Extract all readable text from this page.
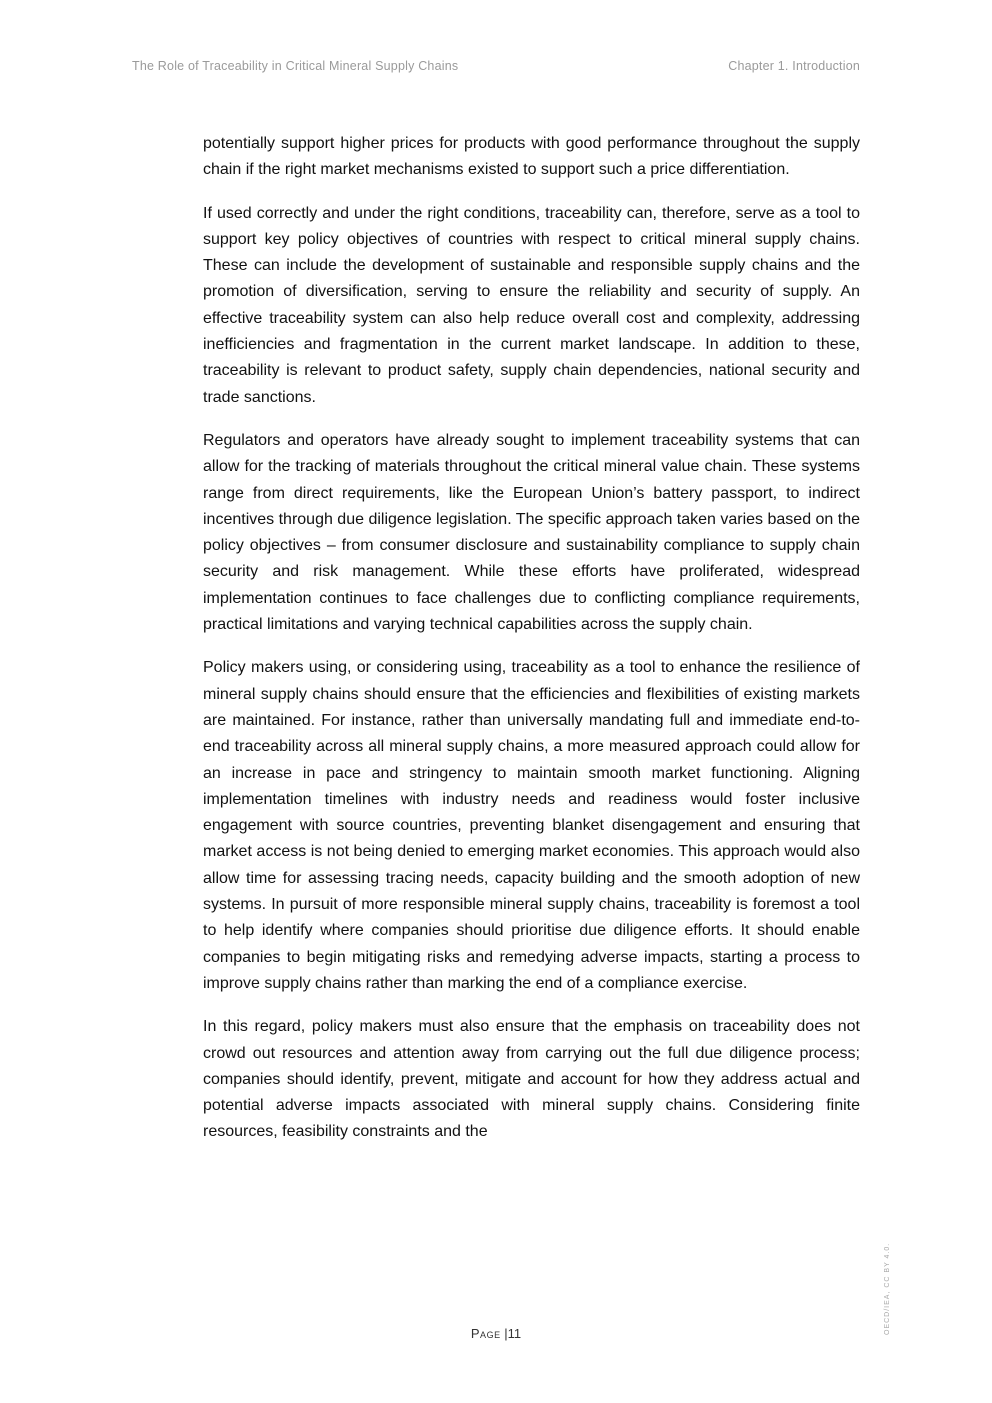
The Role of Traceability in Critical Mineral Supply Chains	Chapter 1. Introduction

potentially support higher prices for products with good performance throughout the supply chain if the right market mechanisms existed to support such a price differentiation.

If used correctly and under the right conditions, traceability can, therefore, serve as a tool to support key policy objectives of countries with respect to critical mineral supply chains. These can include the development of sustainable and responsible supply chains and the promotion of diversification, serving to ensure the reliability and security of supply. An effective traceability system can also help reduce overall cost and complexity, addressing inefficiencies and fragmentation in the current market landscape. In addition to these, traceability is relevant to product safety, supply chain dependencies, national security and trade sanctions.

Regulators and operators have already sought to implement traceability systems that can allow for the tracking of materials throughout the critical mineral value chain. These systems range from direct requirements, like the European Union’s battery passport, to indirect incentives through due diligence legislation. The specific approach taken varies based on the policy objectives – from consumer disclosure and sustainability compliance to supply chain security and risk management. While these efforts have proliferated, widespread implementation continues to face challenges due to conflicting compliance requirements, practical limitations and varying technical capabilities across the supply chain.

Policy makers using, or considering using, traceability as a tool to enhance the resilience of mineral supply chains should ensure that the efficiencies and flexibilities of existing markets are maintained. For instance, rather than universally mandating full and immediate end-to-end traceability across all mineral supply chains, a more measured approach could allow for an increase in pace and stringency to maintain smooth market functioning. Aligning implementation timelines with industry needs and readiness would foster inclusive engagement with source countries, preventing blanket disengagement and ensuring that market access is not being denied to emerging market economies. This approach would also allow time for assessing tracing needs, capacity building and the smooth adoption of new systems. In pursuit of more responsible mineral supply chains, traceability is foremost a tool to help identify where companies should prioritise due diligence efforts. It should enable companies to begin mitigating risks and remedying adverse impacts, starting a process to improve supply chains rather than marking the end of a compliance exercise.

In this regard, policy makers must also ensure that the emphasis on traceability does not crowd out resources and attention away from carrying out the full due diligence process; companies should identify, prevent, mitigate and account for how they address actual and potential adverse impacts associated with mineral supply chains. Considering finite resources, feasibility constraints and the

Page |11	OECD/IEA, CC BY 4.0.
